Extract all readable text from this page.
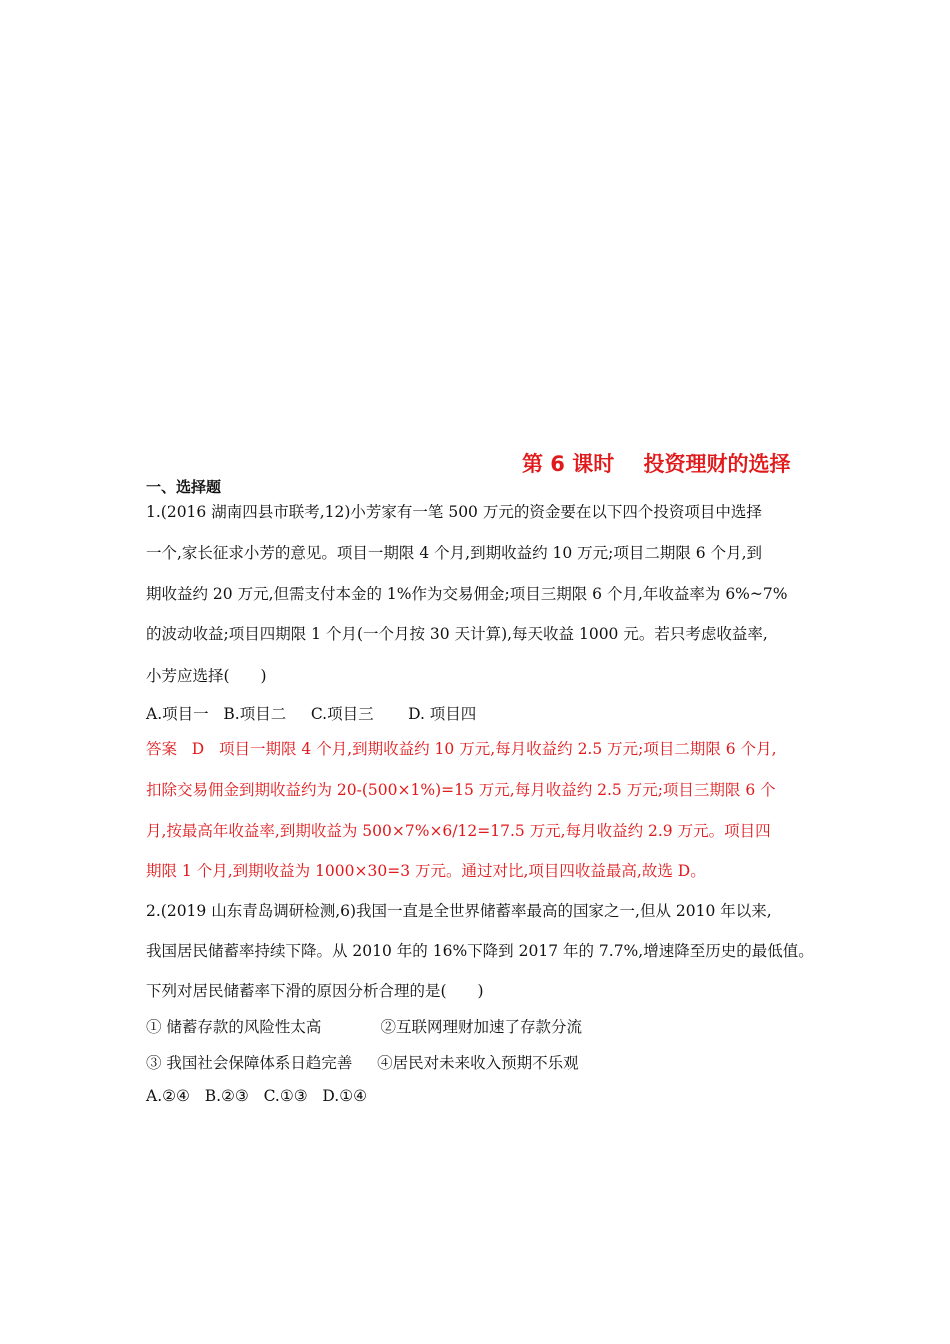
第 6 课时    投资理财的选择
一、选择题
1.(2016 湖南四县市联考,12)小芳家有一笔 500 万元的资金要在以下四个投资项目中选择
一个,家长征求小芳的意见。项目一期限 4 个月,到期收益约 10 万元;项目二期限 6 个月,到
期收益约 20 万元,但需支付本金的 1%作为交易佣金;项目三期限 6 个月,年收益率为 6%~7%
的波动收益;项目四期限 1 个月(一个月按 30 天计算),每天收益 1000 元。若只考虑收益率,
小芳应选择(　　)
A.项目一   B.项目二     C.项目三       D. 项目四
答案   D   项目一期限 4 个月,到期收益约 10 万元,每月收益约 2.5 万元;项目二期限 6 个月,
扣除交易佣金到期收益约为 20-(500×1%)=15 万元,每月收益约 2.5 万元;项目三期限 6 个
月,按最高年收益率,到期收益为 500×7%×6/12=17.5 万元,每月收益约 2.9 万元。项目四
期限 1 个月,到期收益为 1000×30=3 万元。通过对比,项目四收益最高,故选 D。
2.(2019 山东青岛调研检测,6)我国一直是全世界储蓄率最高的国家之一,但从 2010 年以来,
我国居民储蓄率持续下降。从 2010 年的 16%下降到 2017 年的 7.7%,增速降至历史的最低值。
下列对居民储蓄率下滑的原因分析合理的是(　　)
① 储蓄存款的风险性太高            ②互联网理财加速了存款分流
③ 我国社会保障体系日趋完善     ④居民对未来收入预期不乐观
A.②④   B.②③   C.①③   D.①④
